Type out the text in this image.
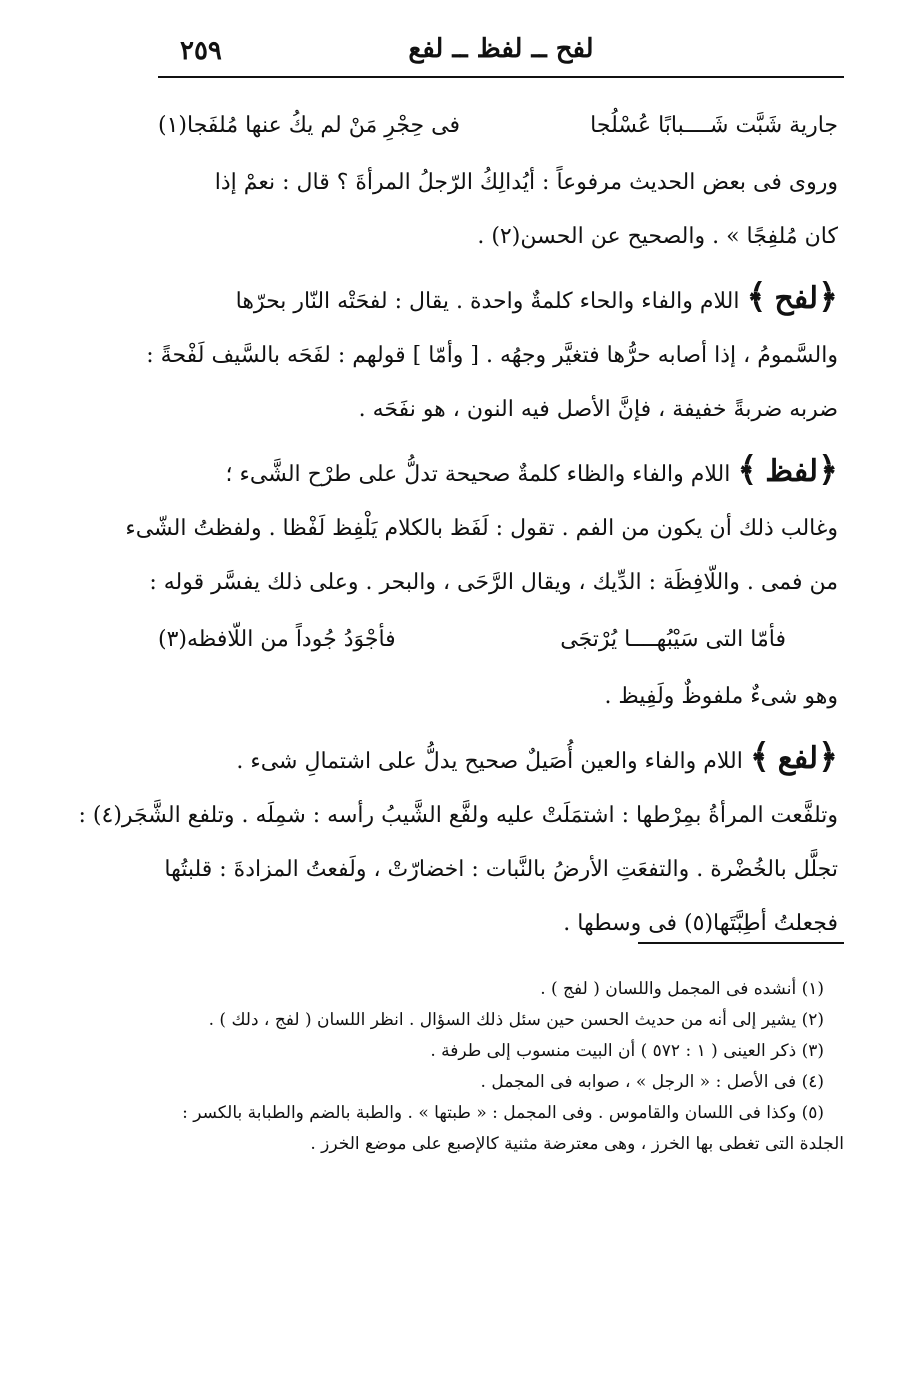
٢٥٩	لفح ــ لفظ ــ لفع
جارية شَبَّت شَــــبابًا عُسْلُجا
فى حِجْرِ مَنْ لم يكُ عنها مُلفَجا(١)

وروى فى بعض الحديث مرفوعاً : أيُدالِكُ الرّجلُ المرأةَ ؟ قال : نعمْ إذا
كان مُلفِجًا » . والصحيح عن الحسن(٢) .

﴿لفح﴾ اللام والفاء والحاء كلمةٌ واحدة . يقال : لفحَتْه النّار بحرّها
والسَّمومُ ، إذا أصابه حرُّها فتغيَّر وجهُه . [ وأمّا ] قولهم : لفَحَه بالسَّيف لَفْحةً :
ضربه ضربةً خفيفة ، فإنَّ الأصل فيه النون ، هو نفَحَه .

﴿لفظ﴾ اللام والفاء والظاء كلمةٌ صحيحة تدلُّ على طرْح الشَّىء ؛
وغالب ذلك أن يكون من الفم . تقول : لَفَظ بالكلام يَلْفِظ لَفْظا . ولفظتُ الشّىء
من فمى . واللّافِظَة : الدِّيك ، ويقال الرَّحَى ، والبحر . وعلى ذلك يفسَّر قوله :

فأمّا التى سَيْبُهــــا يُرْتجَى
فأجْوَدُ جُوداً من اللّافظه(٣)

وهو شىءٌ ملفوظٌ ولَفِيظ .

﴿لفع﴾ اللام والفاء والعين أُصَيلٌ صحيح يدلُّ على اشتمالِ شىء .
وتلفَّعت المرأةُ بمِرْطها : اشتمَلَتْ عليه ولفَّع الشَّيبُ رأسه : شمِلَه . وتلفع الشَّجَر(٤) :
تجلَّل بالخُضْرة . والتفعَتِ الأرضُ بالنَّبات : اخضارّتْ ، ولَفعتُ المزادةَ : قلبتُها
فجعلتُ أطِبَّتَها(٥) فى وسطها .

(١) أنشده فى المجمل واللسان ( لفج ) .
(٢) يشير إلى أنه من حديث الحسن حين سئل ذلك السؤال . انظر اللسان ( لفج ، دلك ) .
(٣) ذكر العينى ( ١ : ٥٧٢ ) أن البيت منسوب إلى طرفة .
(٤) فى الأصل : « الرجل » ، صوابه فى المجمل .
(٥) وكذا فى اللسان والقاموس . وفى المجمل : « طبتها » . والطبة بالضم والطبابة بالكسر :
الجلدة التى تغطى بها الخرز ، وهى معترضة مثنية كالإصبع على موضع الخرز .
